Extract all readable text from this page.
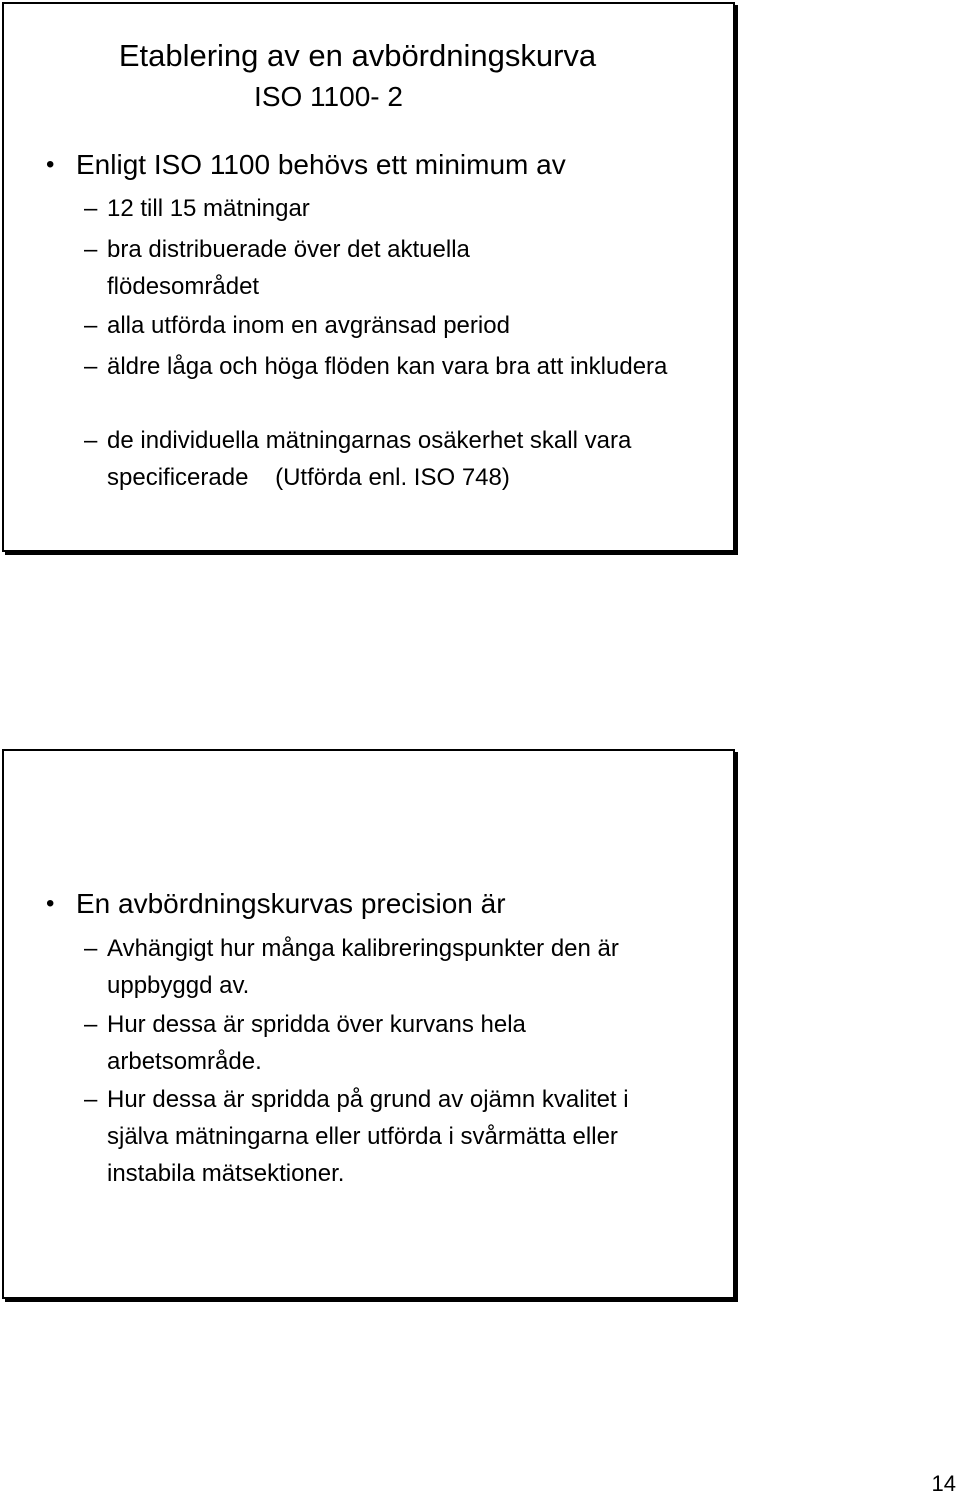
Etablering av en avbördningskurva
ISO 1100- 2
• Enligt ISO 1100 behövs ett minimum av
– 12 till 15 mätningar
– bra distribuerade över det aktuella flödesområdet
– alla utförda inom en avgränsad period
– äldre låga och höga flöden kan vara bra att inkludera
– de individuella mätningarnas osäkerhet skall vara specificerade    (Utförda enl. ISO 748)
• En avbördningskurvas precision är
– Avhängigt hur många kalibreringspunkter den är uppbyggd av.
– Hur dessa är spridda över kurvans hela arbetsområde.
– Hur dessa är spridda på grund av ojämn kvalitet i själva mätningarna eller utförda i svårmätta eller instabila mätsektioner.
14
